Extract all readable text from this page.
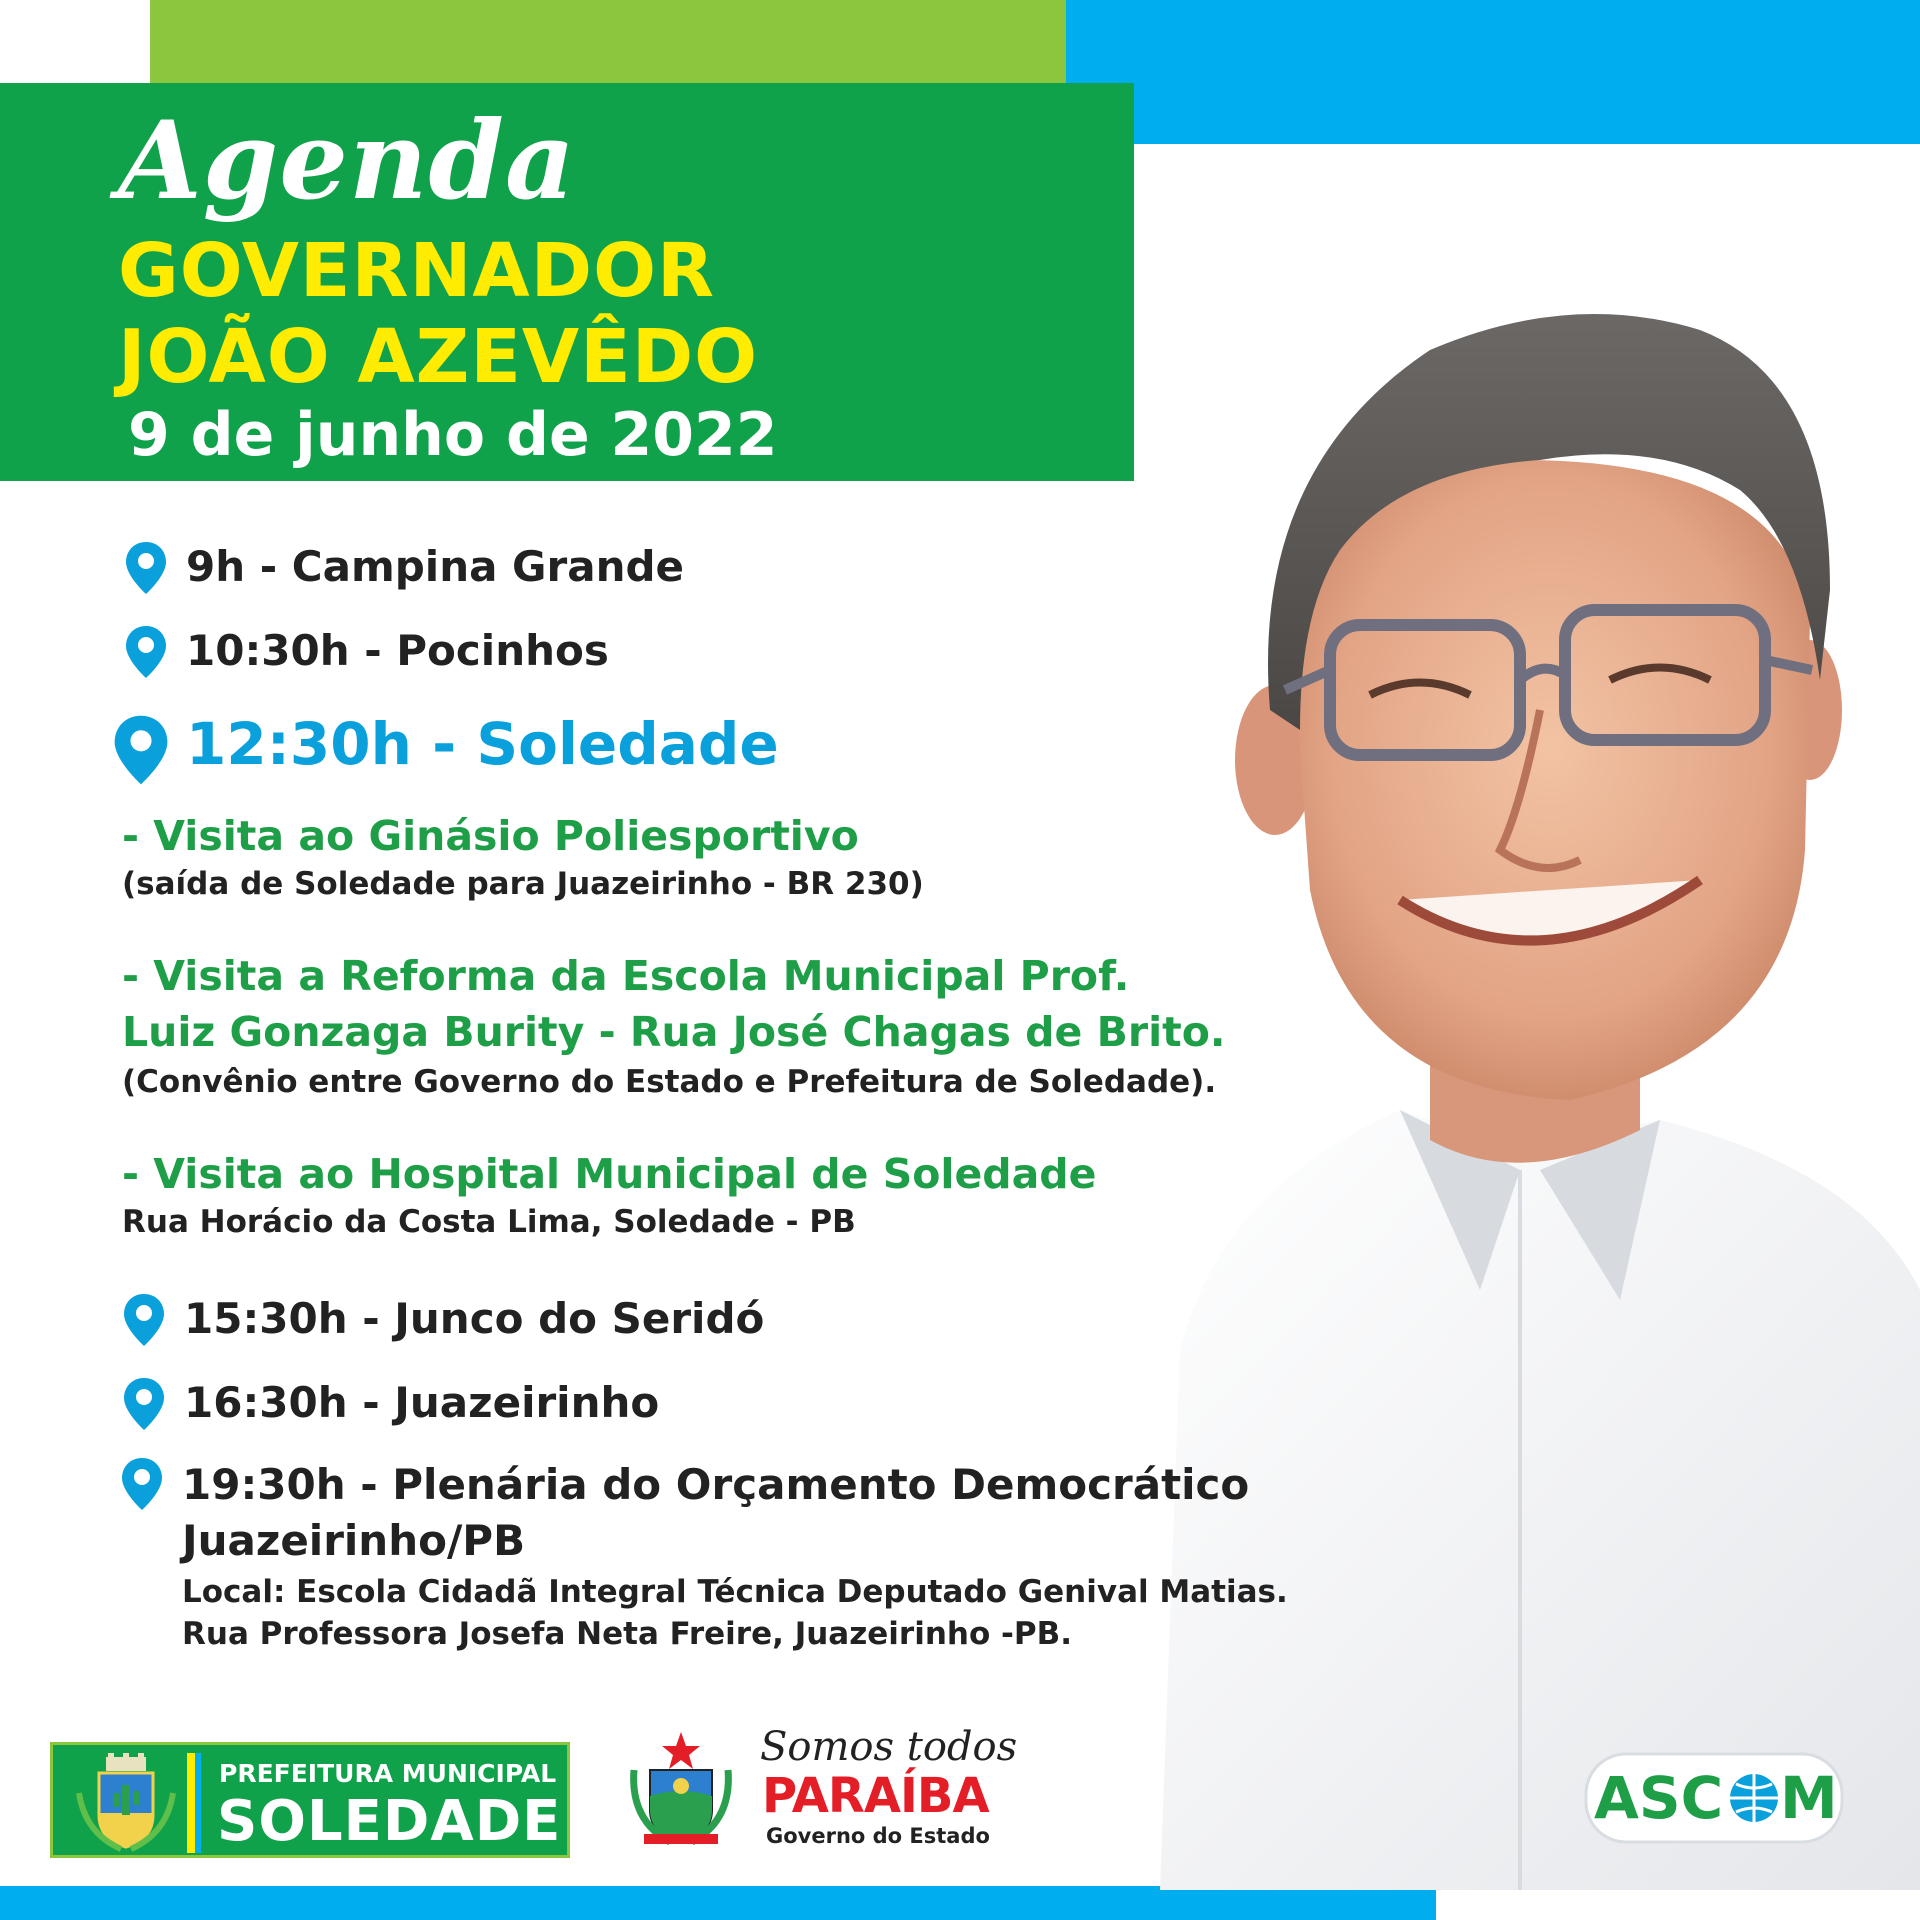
Agenda
GOVERNADOR
JOÃO AZEVÊDO
9 de junho de 2022
9h - Campina Grande
10:30h - Pocinhos
12:30h - Soledade
- Visita ao Ginásio Poliesportivo
(saída de Soledade para Juazeirinho - BR 230)
- Visita a Reforma da Escola Municipal Prof.
Luiz Gonzaga Burity - Rua José Chagas de Brito.
(Convênio entre Governo do Estado e Prefeitura de Soledade).
- Visita ao Hospital Municipal de Soledade
Rua Horácio da Costa Lima, Soledade - PB
15:30h - Junco do Seridó
16:30h - Juazeirinho
19:30h - Plenária do Orçamento Democrático
Juazeirinho/PB
Local: Escola Cidadã Integral Técnica Deputado Genival Matias.
Rua Professora Josefa Neta Freire, Juazeirinho -PB.
PREFEITURA MUNICIPAL
SOLEDADE
Somos todos
PARAÍBA
Governo do Estado
ASC M
